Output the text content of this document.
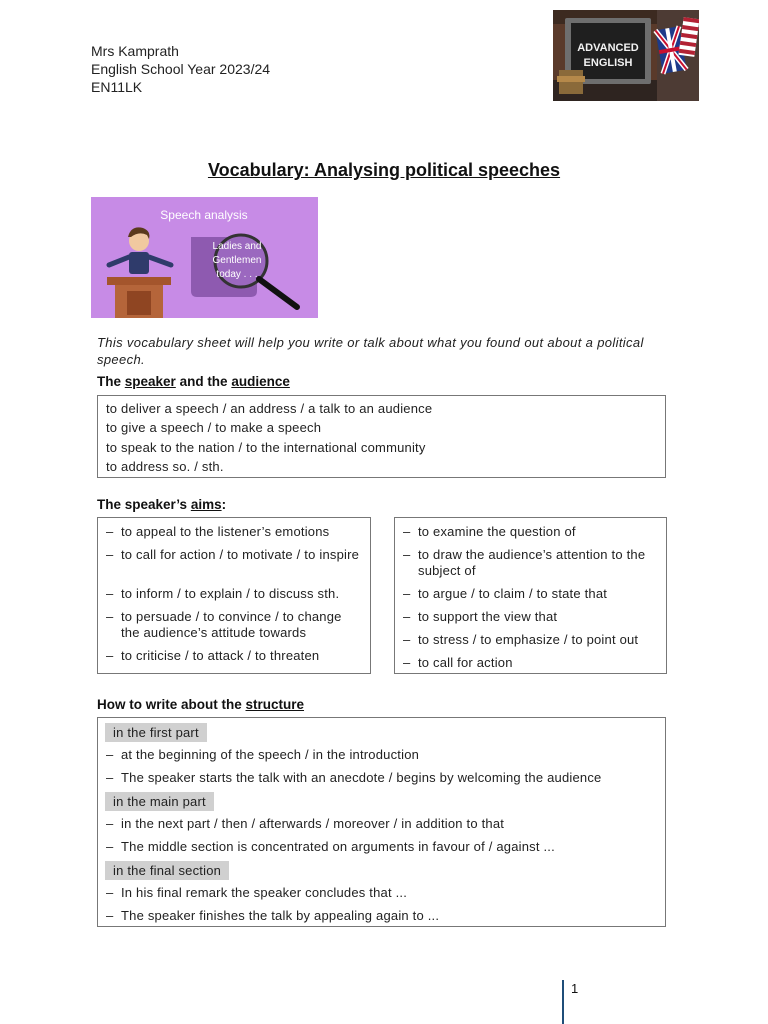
Mrs Kamprath
English School Year 2023/24
EN11LK
ADVANCED
ENGLISH
Vocabulary: Analysing political speeches
Speech analysis
Ladies and
Gentlemen
today . . .
This vocabulary sheet will help you write or talk about what you found out about a political speech.
The speaker and the audience
to deliver a speech / an address / a talk to an audience
to give a speech / to make a speech
to speak to the nation / to the international community
to address so. / sth.
The speaker’s aims:
– to appeal to the listener’s emotions
– to call for action / to motivate / to inspire
– to inform / to explain / to discuss sth.
– to persuade / to convince / to change the audience’s attitude towards
– to criticise / to attack / to threaten
– to examine the question of
– to draw the audience’s attention to the subject of
– to argue / to claim / to state that
– to support the view that
– to stress / to emphasize / to point out
– to call for action
How to write about the structure
in the first part
– at the beginning of the speech / in the introduction
– The speaker starts the talk with an anecdote / begins by welcoming the audience
in the main part
– in the next part / then / afterwards / moreover / in addition to that
– The middle section is concentrated on arguments in favour of / against ...
in the final section
– In his final remark the speaker concludes that ...
– The speaker finishes the talk by appealing again to ...
1
